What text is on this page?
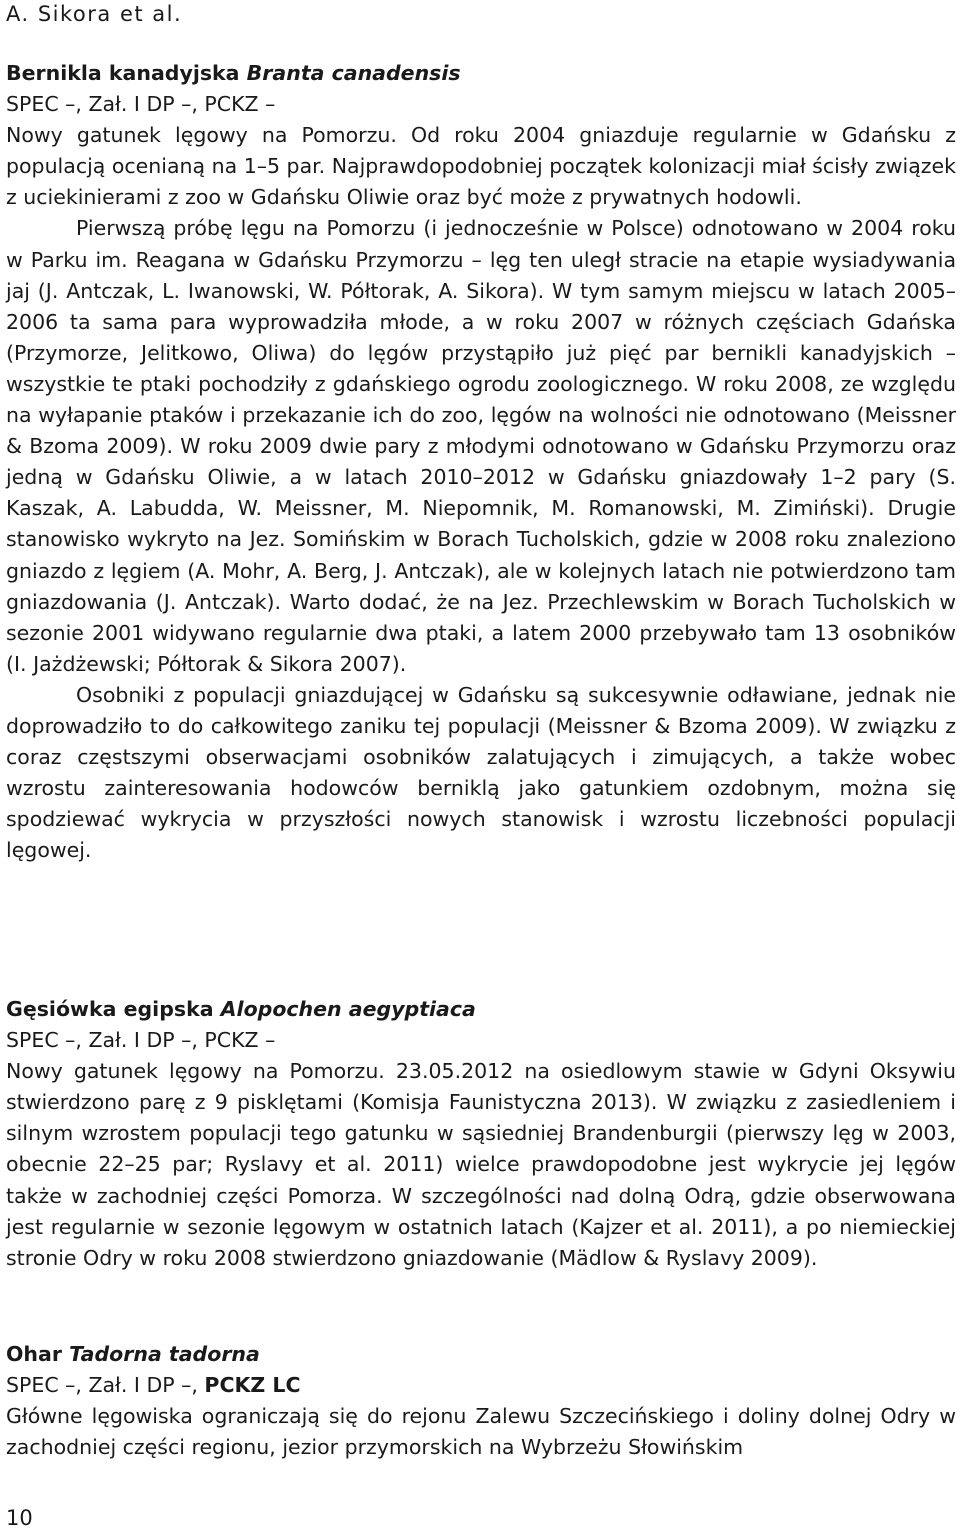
A. Sikora et al.

Bernikla kanadyjska Branta canadensis

SPEC –, Zał. I DP –, PCKZ –

Nowy gatunek lęgowy na Pomorzu. Od roku 2004 gniazduje regularnie w Gdańsku z populacją ocenianą na 1–5 par. Najprawdopodobniej początek kolonizacji miał ścisły związek z uciekinierami z zoo w Gdańsku Oliwie oraz być może z prywatnych hodowli.

Pierwszą próbę lęgu na Pomorzu (i jednocześnie w Polsce) odnotowano w 2004 roku w Parku im. Reagana w Gdańsku Przymorzu – lęg ten uległ stracie na etapie wysiadywania jaj (J. Antczak, L. Iwanowski, W. Półtorak, A. Sikora). W tym samym miejscu w latach 2005–2006 ta sama para wyprowadziła młode, a w roku 2007 w różnych częściach Gdańska (Przymorze, Jelitkowo, Oliwa) do lęgów przystąpiło już pięć par bernikli kanadyjskich – wszystkie te ptaki pochodziły z gdańskiego ogrodu zoologicznego. W roku 2008, ze względu na wyłapanie ptaków i przekazanie ich do zoo, lęgów na wolności nie odnotowano (Meissner & Bzoma 2009). W roku 2009 dwie pary z młodymi odnotowano w Gdańsku Przymorzu oraz jedną w Gdańsku Oliwie, a w latach 2010–2012 w Gdańsku gniazdowały 1–2 pary (S. Kaszak, A. Labudda, W. Meissner, M. Niepomnik, M. Romanowski, M. Zimiński). Drugie stanowisko wykryto na Jez. Somińskim w Borach Tucholskich, gdzie w 2008 roku znaleziono gniazdo z lęgiem (A. Mohr, A. Berg, J. Antczak), ale w kolejnych latach nie potwierdzono tam gniazdowania (J. Antczak). Warto dodać, że na Jez. Przechlewskim w Borach Tucholskich w sezonie 2001 widywano regularnie dwa ptaki, a latem 2000 przebywało tam 13 osobników (I. Jażdżewski; Półtorak & Sikora 2007).

Osobniki z populacji gniazdującej w Gdańsku są sukcesywnie odławiane, jednak nie doprowadziło to do całkowitego zaniku tej populacji (Meissner & Bzoma 2009). W związku z coraz częstszymi obserwacjami osobników zalatujących i zimujących, a także wobec wzrostu zainteresowania hodowców berniklą jako gatunkiem ozdobnym, można się spodziewać wykrycia w przyszłości nowych stanowisk i wzrostu liczebności populacji lęgowej.

Gęsiówka egipska Alopochen aegyptiaca

SPEC –, Zał. I DP –, PCKZ –

Nowy gatunek lęgowy na Pomorzu. 23.05.2012 na osiedlowym stawie w Gdyni Oksywiu stwierdzono parę z 9 pisklętami (Komisja Faunistyczna 2013). W związku z zasiedleniem i silnym wzrostem populacji tego gatunku w sąsiedniej Brandenburgii (pierwszy lęg w 2003, obecnie 22–25 par; Ryslavy et al. 2011) wielce prawdopodobne jest wykrycie jej lęgów także w zachodniej części Pomorza. W szczególności nad dolną Odrą, gdzie obserwowana jest regularnie w sezonie lęgowym w ostatnich latach (Kajzer et al. 2011), a po niemieckiej stronie Odry w roku 2008 stwierdzono gniazdowanie (Mädlow & Ryslavy 2009).

Ohar Tadorna tadorna

SPEC –, Zał. I DP –, PCKZ LC

Główne lęgowiska ograniczają się do rejonu Zalewu Szczecińskiego i doliny dolnej Odry w zachodniej części regionu, jezior przymorskich na Wybrzeżu Słowińskim

10
